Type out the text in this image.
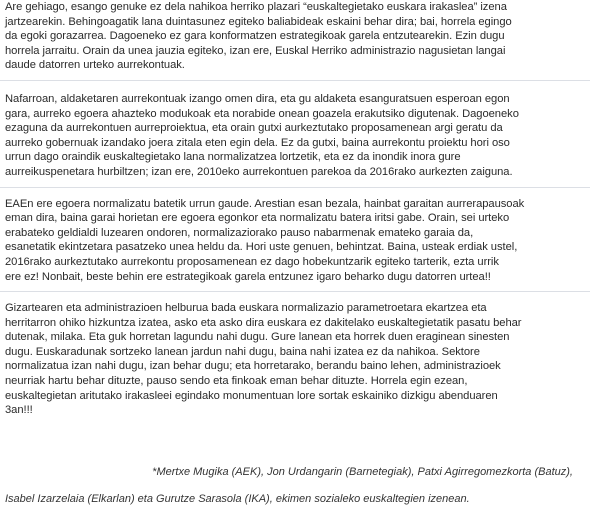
Are gehiago, esango genuke ez dela nahikoa herriko plazari “euskaltegietako euskara irakaslea” izena
jartzearekin. Behingoagatik lana duintasunez egiteko baliabideak eskaini behar dira; bai, horrela egingo
da egoki gorazarrea. Dagoeneko ez gara konformatzen estrategikoak garela entzutearekin. Ezin dugu
horrela jarraitu. Orain da unea jauzia egiteko, izan ere, Euskal Herriko administrazio nagusietan langai
daude datorren urteko aurrekontuak.

Nafarroan, aldaketaren aurrekontuak izango omen dira, eta gu aldaketa esanguratsuen esperoan egon
gara, aurreko egoera ahazteko modukoak eta norabide onean goazela erakutsiko digutenak. Dagoeneko
ezaguna da aurrekontuen aurreproiektua, eta orain gutxi aurkeztutako proposamenean argi geratu da
aurreko gobernuak izandako joera zitala eten egin dela. Ez da gutxi, baina aurrekontu proiektu hori oso
urrun dago oraindik euskaltegietako lana normalizatzea lortzetik, eta ez da inondik inora gure
aurreikuspenetara hurbiltzen; izan ere, 2010eko aurrekontuen parekoa da 2016rako aurkezten zaiguna.

EAEn ere egoera normalizatu batetik urrun gaude. Arestian esan bezala, hainbat garaitan aurrerapausoak
eman dira, baina garai horietan ere egoera egonkor eta normalizatu batera iritsi gabe. Orain, sei urteko
erabateko geldialdi luzearen ondoren, normalizaziorako pauso nabarmenak emateko garaia da,
esanetatik ekintzetara pasatzeko unea heldu da. Hori uste genuen, behintzat. Baina, usteak erdiak ustel,
2016rako aurkeztutako aurrekontu proposamenean ez dago hobekuntzarik egiteko tarterik, ezta urrik
ere ez! Nonbait, beste behin ere estrategikoak garela entzunez igaro beharko dugu datorren urtea!!

Gizartearen eta administrazioen helburua bada euskara normalizazio parametroetara ekartzea eta
herritarron ohiko hizkuntza izatea, asko eta asko dira euskara ez dakitelako euskaltegietatik pasatu behar
dutenak, milaka. Eta guk horretan lagundu nahi dugu. Gure lanean eta horrek duen eraginean sinesten
dugu. Euskaradunak sortzeko lanean jardun nahi dugu, baina nahi izatea ez da nahikoa. Sektore
normalizatua izan nahi dugu, izan behar dugu; eta horretarako, berandu baino lehen, administrazioek
neurriak hartu behar dituzte, pauso sendo eta finkoak eman behar dituzte. Horrela egin ezean,
euskaltegietan aritutako irakasleei egindako monumentuan lore sortak eskainiko dizkigu abenduaren
3an!!!

*Mertxe Mugika (AEK), Jon Urdangarin (Barnetegiak), Patxi Agirregomezkorta (Batuz),
Isabel Izarzelaia (Elkarlan) eta Gurutze Sarasola (IKA), ekimen sozialeko euskaltegien izenean.
